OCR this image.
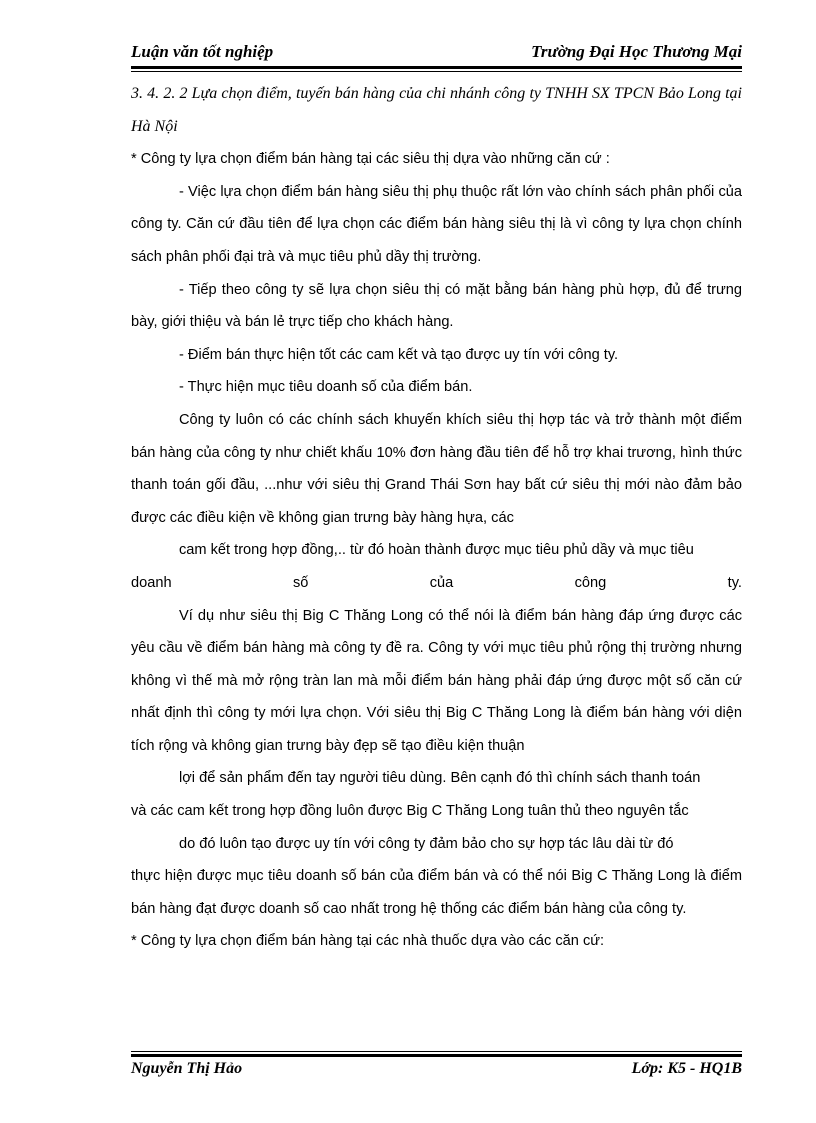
Luận văn tốt nghiệp	Trường Đại Học Thương Mại

3. 4. 2. 2 Lựa chọn điểm, tuyến bán hàng của chi nhánh công ty TNHH SX TPCN Bảo Long tại Hà Nội

* Công ty lựa chọn điểm bán hàng tại các siêu thị dựa vào những căn cứ :

- Việc lựa chọn điểm bán hàng siêu thị phụ thuộc rất lớn vào chính sách phân phối của công ty. Căn cứ đầu tiên để lựa chọn các điểm bán hàng siêu thị là vì công ty lựa chọn chính sách phân phối đại trà và mục tiêu phủ dầy thị trường.

- Tiếp theo công ty sẽ lựa chọn siêu thị có mặt bằng bán hàng phù hợp, đủ để trưng bày, giới thiệu và bán lẻ trực tiếp cho khách hàng.

- Điểm bán thực hiện tốt các cam kết và tạo được uy tín với công ty.

- Thực hiện mục tiêu doanh số của điểm bán.

Công ty luôn có các chính sách khuyến khích siêu thị hợp tác và trở thành một điểm bán hàng của công ty như chiết khấu 10% đơn hàng đầu tiên để hỗ trợ khai trương, hình thức thanh toán gối đầu, ...như với siêu thị Grand Thái Sơn hay bất cứ siêu thị mới nào đảm bảo được các điều kiện về không gian trưng bày hàng hựa, các

cam kết trong hợp đồng,.. từ đó hoàn thành được mục tiêu phủ dầy và mục tiêu

doanh	số	của	công	ty.

Ví dụ như siêu thị Big C Thăng Long có thể nói là điểm bán hàng đáp ứng được các yêu cầu về điểm bán hàng mà công ty đề ra. Công ty với mục tiêu phủ rộng thị trường nhưng không vì thế mà mở rộng tràn lan mà mỗi điểm bán hàng phải đáp ứng được một số căn cứ nhất định thì công ty mới lựa chọn. Với siêu thị Big C Thăng Long là điểm bán hàng với diện tích rộng và không gian trưng bày đẹp sẽ tạo điều kiện thuận

lợi để sản phẩm đến tay người tiêu dùng. Bên cạnh đó thì chính sách thanh toán

và các cam kết trong hợp đồng luôn được Big C Thăng Long tuân thủ theo nguyên tắc

do đó luôn tạo được uy tín với công ty đảm bảo cho sự hợp tác lâu dài từ đó

thực hiện được mục tiêu doanh số bán của điểm bán và có thể nói Big C Thăng Long là điểm bán hàng đạt được doanh số cao nhất trong hệ thống các điểm bán hàng của công ty.

* Công ty lựa chọn điểm bán hàng tại các nhà thuốc dựa vào các căn cứ:

Nguyễn Thị Hảo	Lớp: K5 - HQ1B
